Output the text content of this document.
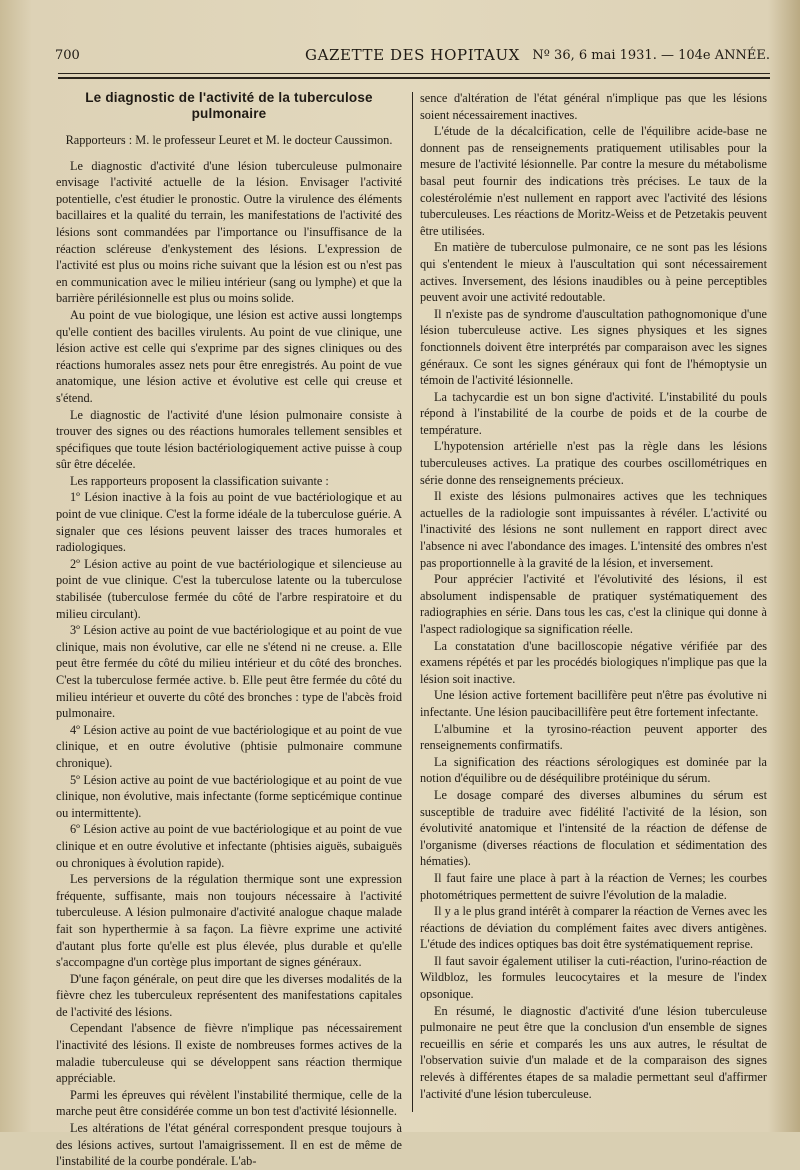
700	GAZETTE DES HOPITAUX Nº 36, 6 mai 1931. — 104e ANNÉE.
Le diagnostic de l'activité de la tuberculose pulmonaire
Rapporteurs : M. le professeur Leuret et M. le docteur Caussimon.

Le diagnostic d'activité d'une lésion tuberculeuse pulmonaire envisage l'activité actuelle de la lésion. Envisager l'activité potentielle, c'est étudier le pronostic. Outre la virulence des éléments bacillaires et la qualité du terrain, les manifestations de l'activité des lésions sont commandées par l'importance ou l'insuffisance de la réaction scléreuse d'enkystement des lésions. L'expression de l'activité est plus ou moins riche suivant que la lésion est ou n'est pas en communication avec le milieu intérieur (sang ou lymphe) et que la barrière périlésionnelle est plus ou moins solide.

Au point de vue biologique, une lésion est active aussi longtemps qu'elle contient des bacilles virulents. Au point de vue clinique, une lésion active est celle qui s'exprime par des signes cliniques ou des réactions humorales assez nets pour être enregistrés. Au point de vue anatomique, une lésion active et évolutive est celle qui creuse et s'étend.

Le diagnostic de l'activité d'une lésion pulmonaire consiste à trouver des signes ou des réactions humorales tellement sensibles et spécifiques que toute lésion bactériologiquement active puisse à coup sûr être décelée.

Les rapporteurs proposent la classification suivante :

1º Lésion inactive à la fois au point de vue bactériologique et au point de vue clinique. C'est la forme idéale de la tuberculose guérie. A signaler que ces lésions peuvent laisser des traces humorales et radiologiques.

2º Lésion active au point de vue bactériologique et silencieuse au point de vue clinique. C'est la tuberculose latente ou la tuberculose stabilisée (tuberculose fermée du côté de l'arbre respiratoire et du milieu circulant).

3º Lésion active au point de vue bactériologique et au point de vue clinique, mais non évolutive, car elle ne s'étend ni ne creuse. a. Elle peut être fermée du côté du milieu intérieur et du côté des bronches. C'est la tuberculose fermée active. b. Elle peut être fermée du côté du milieu intérieur et ouverte du côté des bronches : type de l'abcès froid pulmonaire.

4º Lésion active au point de vue bactériologique et au point de vue clinique, et en outre évolutive (phtisie pulmonaire commune chronique).

5º Lésion active au point de vue bactériologique et au point de vue clinique, non évolutive, mais infectante (forme septicémique continue ou intermittente).

6º Lésion active au point de vue bactériologique et au point de vue clinique et en outre évolutive et infectante (phtisies aiguës, subaiguës ou chroniques à évolution rapide).

Les perversions de la régulation thermique sont une expression fréquente, suffisante, mais non toujours nécessaire à l'activité tuberculeuse. A lésion pulmonaire d'activité analogue chaque malade fait son hyperthermie à sa façon. La fièvre exprime une activité d'autant plus forte qu'elle est plus élevée, plus durable et qu'elle s'accompagne d'un cortège plus important de signes généraux.

D'une façon générale, on peut dire que les diverses modalités de la fièvre chez les tuberculeux représentent des manifestations capitales de l'activité des lésions.

Cependant l'absence de fièvre n'implique pas nécessairement l'inactivité des lésions. Il existe de nombreuses formes actives de la maladie tuberculeuse qui se développent sans réaction thermique appréciable.

Parmi les épreuves qui révèlent l'instabilité thermique, celle de la marche peut être considérée comme un bon test d'activité lésionnelle.

Les altérations de l'état général correspondent presque toujours à des lésions actives, surtout l'amaigrissement. Il en est de même de l'instabilité de la courbe pondérale. L'ab-

sence d'altération de l'état général n'implique pas que les lésions soient nécessairement inactives.

L'étude de la décalcification, celle de l'équilibre acide-base ne donnent pas de renseignements pratiquement utilisables pour la mesure de l'activité lésionnelle. Par contre la mesure du métabolisme basal peut fournir des indications très précises. Le taux de la colestérolémie n'est nullement en rapport avec l'activité des lésions tuberculeuses. Les réactions de Moritz-Weiss et de Petzetakis peuvent être utilisées.

En matière de tuberculose pulmonaire, ce ne sont pas les lésions qui s'entendent le mieux à l'auscultation qui sont nécessairement actives. Inversement, des lésions inaudibles ou à peine perceptibles peuvent avoir une activité redoutable.

Il n'existe pas de syndrome d'auscultation pathognomonique d'une lésion tuberculeuse active. Les signes physiques et les signes fonctionnels doivent être interprétés par comparaison avec les signes généraux. Ce sont les signes généraux qui font de l'hémoptysie un témoin de l'activité lésionnelle.

La tachycardie est un bon signe d'activité. L'instabilité du pouls répond à l'instabilité de la courbe de poids et de la courbe de température.

L'hypotension artérielle n'est pas la règle dans les lésions tuberculeuses actives. La pratique des courbes oscillométriques en série donne des renseignements précieux.

Il existe des lésions pulmonaires actives que les techniques actuelles de la radiologie sont impuissantes à révéler. L'activité ou l'inactivité des lésions ne sont nullement en rapport direct avec l'absence ni avec l'abondance des images. L'intensité des ombres n'est pas proportionnelle à la gravité de la lésion, et inversement.

Pour apprécier l'activité et l'évolutivité des lésions, il est absolument indispensable de pratiquer systématiquement des radiographies en série. Dans tous les cas, c'est la clinique qui donne à l'aspect radiologique sa signification réelle.

La constatation d'une bacilloscopie négative vérifiée par des examens répétés et par les procédés biologiques n'implique pas que la lésion soit inactive.

Une lésion active fortement bacillifère peut n'être pas évolutive ni infectante. Une lésion paucibacillifère peut être fortement infectante.

L'albumine et la tyrosino-réaction peuvent apporter des renseignements confirmatifs.

La signification des réactions sérologiques est dominée par la notion d'équilibre ou de déséquilibre protéinique du sérum.

Le dosage comparé des diverses albumines du sérum est susceptible de traduire avec fidélité l'activité de la lésion, son évolutivité anatomique et l'intensité de la réaction de défense de l'organisme (diverses réactions de floculation et sédimentation des hématies).

Il faut faire une place à part à la réaction de Vernes; les courbes photométriques permettent de suivre l'évolution de la maladie.

Il y a le plus grand intérêt à comparer la réaction de Vernes avec les réactions de déviation du complément faites avec divers antigènes. L'étude des indices optiques bas doit être systématiquement reprise.

Il faut savoir également utiliser la cuti-réaction, l'urino-réaction de Wildbloz, les formules leucocytaires et la mesure de l'index opsonique.

En résumé, le diagnostic d'activité d'une lésion tuberculeuse pulmonaire ne peut être que la conclusion d'un ensemble de signes recueillis en série et comparés les uns aux autres, le résultat de l'observation suivie d'un malade et de la comparaison des signes relevés à différentes étapes de sa maladie permettant seul d'affirmer l'activité d'une lésion tuberculeuse.
